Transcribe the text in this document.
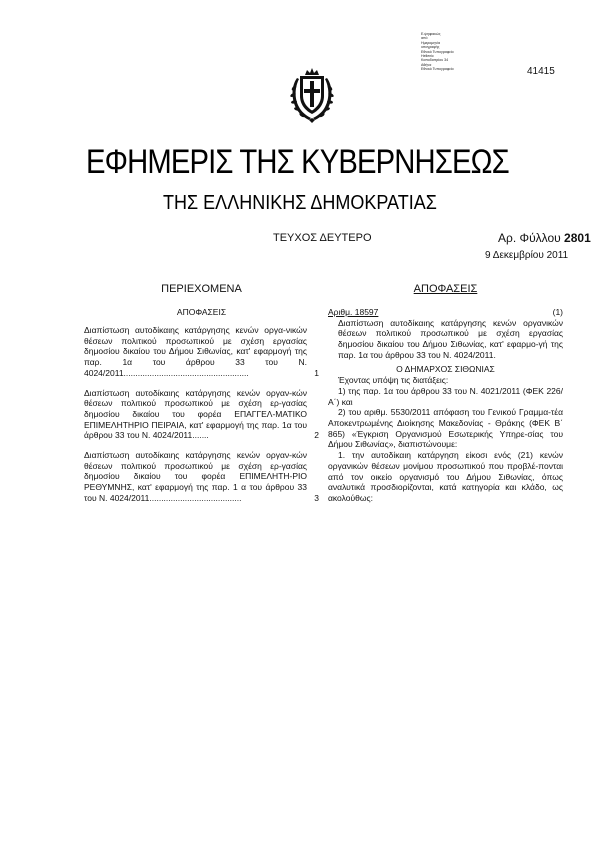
Ε.ψηφιακώς
από
Ημερομηνία
υπογραφής
Εθνικό Τυπογραφείο
Hellenic
Καποδιστρίου 34
Αθήνα
Εθνικό Τυπογραφείο	41415
ΕΦΗΜΕΡΙΣ ΤΗΣ ΚΥΒΕΡΝΗΣΕΩΣ
ΤΗΣ ΕΛΛΗΝΙΚΗΣ ΔΗΜΟΚΡΑΤΙΑΣ
ΤΕΥΧΟΣ ΔΕΥΤΕΡΟ	Αρ. Φύλλου 2801
9 Δεκεμβρίου 2011
ΠΕΡΙΕΧΟΜΕΝΑ
ΑΠΟΦΑΣΕΙΣ
Διαπίστωση αυτοδίκαιης κατάργησης κενών οργα-νικών θέσεων πολιτικού προσωπικού με σχέση εργασίας δημοσίου δικαίου του Δήμου Σιθωνίας, κατ' εφαρμογή της παρ. 1α του άρθρου 33 του Ν. 4024/2011.....................................................	1
Διαπίστωση αυτοδίκαιης κατάργησης κενών οργαν-κών θέσεων πολιτικού προσωπικού με σχέση ερ-γασίας δημοσίου δικαίου του φορέα ΕΠΑΓΓΕΛ-ΜΑΤΙΚΟ ΕΠΙΜΕΛΗΤΗΡΙΟ ΠΕΙΡΑΙΑ, κατ' εφαρμογή της παρ. 1α του άρθρου 33 του Ν. 4024/2011.......	2
Διαπίστωση αυτοδίκαιης κατάργησης κενών οργαν-κών θέσεων πολιτικού προσωπικού με σχέση ερ-γασίας δημοσίου δικαίου του φορέα ΕΠΙΜΕΛΗΤΗ-ΡΙΟ ΡΕΘΥΜΝΗΣ, κατ' εφαρμογή της παρ. 1 α του άρθρου 33 του Ν. 4024/2011.......................................	3
ΑΠΟΦΑΣΕΙΣ
Αριθμ. 18597	(1)

Διαπίστωση αυτοδίκαιης κατάργησης κενών οργανικών θέσεων πολιτικού προσωπικού με σχέση εργασίας δημοσίου δικαίου του Δήμου Σιθωνίας, κατ' εφαρμο-γή της παρ. 1α του άρθρου 33 του Ν. 4024/2011.

Ο ΔΗΜΑΡΧΟΣ ΣΙΘΩΝΙΑΣ

Έχοντας υπόψη τις διατάξεις:

1) της παρ. 1α του άρθρου 33 του Ν. 4021/2011 (ΦΕΚ 226/Α΄) και

2) του αριθμ. 5530/2011 απόφαση του Γενικού Γραμμα-τέα Αποκεντρωμένης Διοίκησης Μακεδονίας - Θράκης (ΦΕΚ Β΄ 865) «Έγκριση Οργανισμού Εσωτερικής Υπηρε-σίας του Δήμου Σιθωνίας», διαπιστώνουμε:

1. την αυτοδίκαιη κατάργηση είκοσι ενός (21) κενών οργανικών θέσεων μονίμου προσωπικού που προβλέ-πονται από τον οικείο οργανισμό του Δήμου Σιθωνίας, όπως αναλυτικά προσδιορίζονται, κατά κατηγορία και κλάδο, ως ακολούθως:
